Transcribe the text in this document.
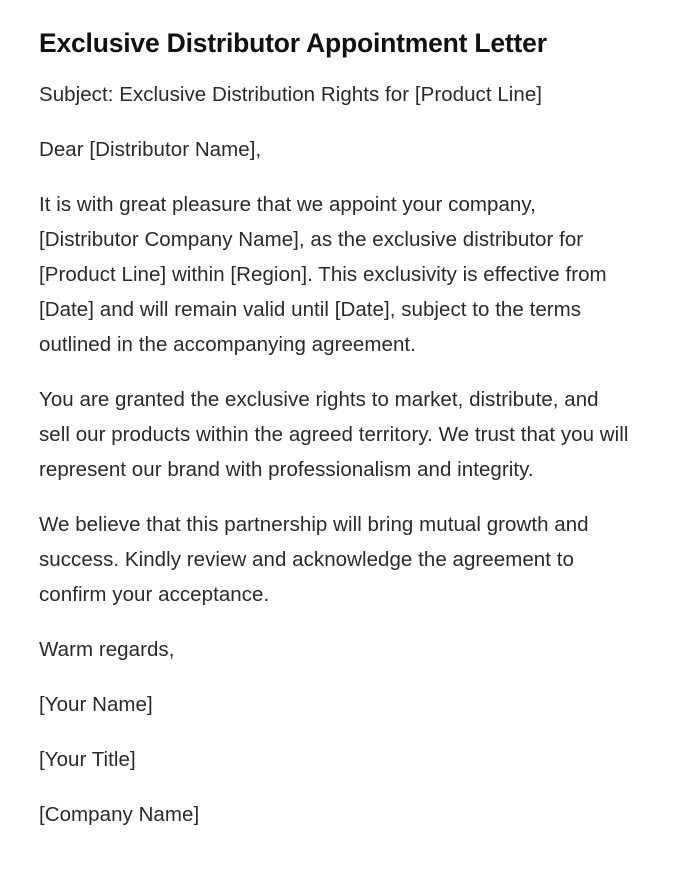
Exclusive Distributor Appointment Letter

Subject: Exclusive Distribution Rights for [Product Line]

Dear [Distributor Name],

It is with great pleasure that we appoint your company, [Distributor Company Name], as the exclusive distributor for [Product Line] within [Region]. This exclusivity is effective from [Date] and will remain valid until [Date], subject to the terms outlined in the accompanying agreement.

You are granted the exclusive rights to market, distribute, and sell our products within the agreed territory. We trust that you will represent our brand with professionalism and integrity.

We believe that this partnership will bring mutual growth and success. Kindly review and acknowledge the agreement to confirm your acceptance.

Warm regards,

[Your Name]

[Your Title]

[Company Name]
